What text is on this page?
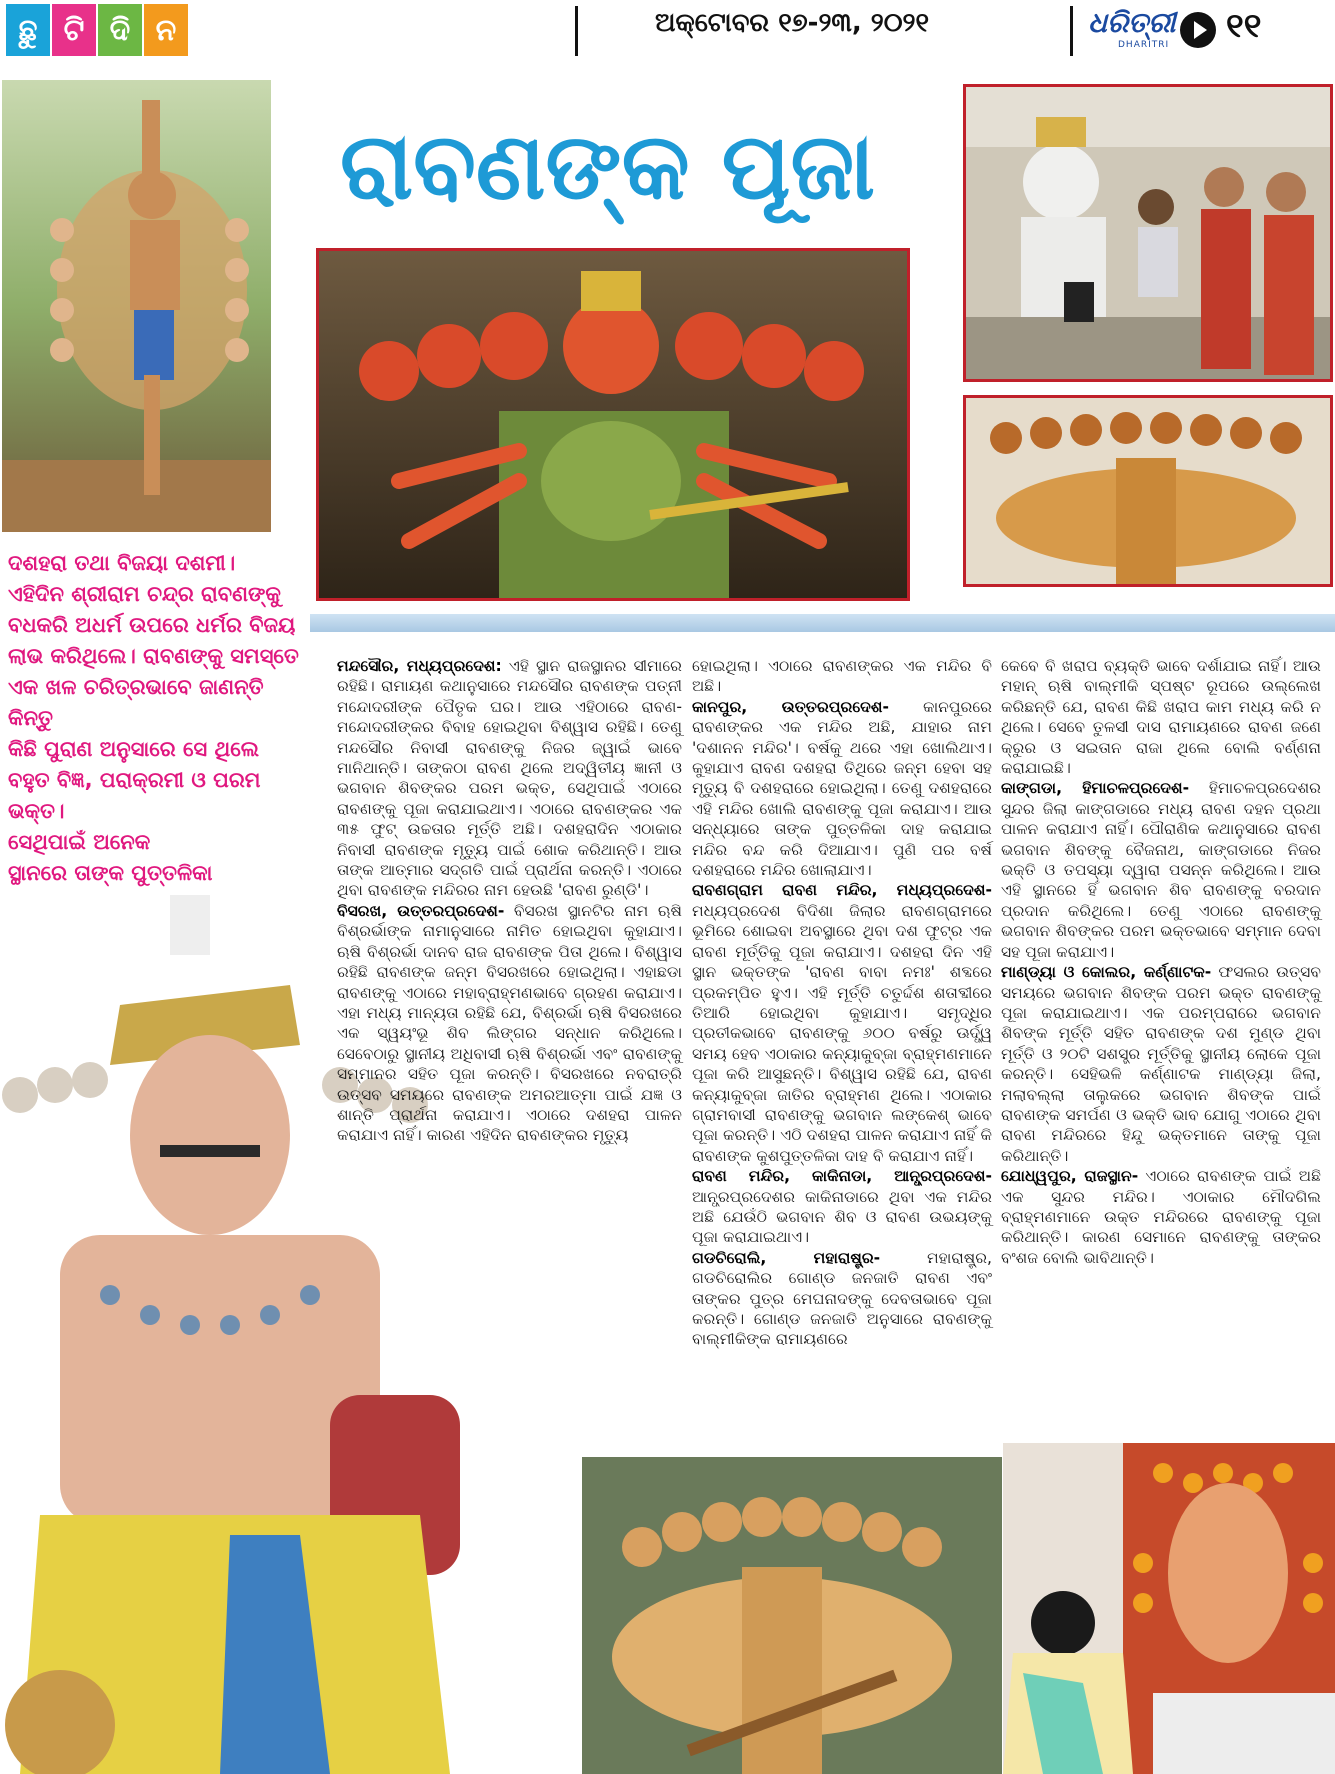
ଛୁ ଟି ଦି ନ	ଅକ୍ଟୋବର ୧୭-୨୩, ୨୦୨୧	ଧରିତ୍ରୀ
DHARITRI ୧୧
ରାବଣଙ୍କ ପୂଜା

ଦଶହରା ତଥା ବିଜୟା ଦଶମୀ।
ଏହିଦିନ ଶ୍ରୀରାମ ଚନ୍ଦ୍ର ରାବଣଙ୍କୁ
ବଧକରି ଅଧର୍ମ ଉପରେ ଧର୍ମର ବିଜୟ
ଲାଭ କରିଥିଲେ। ରାବଣଙ୍କୁ ସମସ୍ତେ
ଏକ ଖଳ ଚରିତ୍ରଭାବେ ଜାଣନ୍ତି କିନ୍ତୁ
କିଛି ପୁରାଣ ଅନୁସାରେ ସେ ଥିଲେ
ବହୁତ ବିଜ୍ଞ, ପରାକ୍ରମୀ ଓ ପରମ ଭକ୍ତ।
ସେଥିପାଇଁ ଅନେକ
ସ୍ଥାନରେ ତାଙ୍କ ପୁତ୍ତଳିକା

ମନ୍ଦସୌର, ମଧ୍ୟପ୍ରଦେଶ: ଏହି ସ୍ଥାନ ରାଜସ୍ଥାନର ସୀମାରେ ରହିଛି। ରାମାୟଣ କଥାନୁସାରେ ମନ୍ଦସୌର ରାବଣଙ୍କ ପତ୍ନୀ ମନ୍ଦୋଦରୀଙ୍କ ପୈତୃକ ଘର। ଆଉ ଏହିଠାରେ ରାବଣ-ମନ୍ଦୋଦରୀଙ୍କର ବିବାହ ହୋଇଥିବା ବିଶ୍ୱାସ ରହିଛି। ତେଣୁ ମନ୍ଦସୌର ନିବାସୀ ରାବଣଙ୍କୁ ନିଜର ଜ୍ୱାଇଁ ଭାବେ ମାନିଥାନ୍ତି। ତାଙ୍କଠା ରାବଣ ଥିଲେ ଅଦ୍ୱିତୀୟ ଜ୍ଞାନୀ ଓ ଭଗବାନ ଶିବଙ୍କର ପରମ ଭକ୍ତ, ସେଥିପାଇଁ ଏଠାରେ ରାବଣଙ୍କୁ ପୂଜା କରାଯାଇଥାଏ। ଏଠାରେ ରାବଣଙ୍କର ଏକ ୩୫ ଫୁଟ୍ ଉଚ୍ଚତାର ମୂର୍ତ୍ତି ଅଛି। ଦଶହରାଦିନ ଏଠାକାର ନିବାସୀ ରାବଣଙ୍କ ମୃତ୍ୟୁ ପାଇଁ ଶୋକ କରିଥାନ୍ତି। ଆଉ ତାଙ୍କ ଆତ୍ମାର ସଦ୍‌ଗତି ପାଇଁ ପ୍ରାର୍ଥନା କରନ୍ତି। ଏଠାରେ ଥିବା ରାବଣଙ୍କ ମନ୍ଦିରର ନାମ ହେଉଛି 'ରାବଣ ରୁଣ୍ଡି'।

ବିସରଖ, ଉତ୍ତରପ୍ରଦେଶ- ବିସରଖ ସ୍ଥାନଟିର ନାମ ଋଷି ବିଶ୍ରର୍ଭାଙ୍କ ନାମାନୁସାରେ ନାମିତ ହୋଇଥିବା କୁହାଯାଏ। ଋଷି ବିଶ୍ରର୍ଭା ଦାନବ ରାଜ ରାବଣଙ୍କ ପିତା ଥିଲେ। ବିଶ୍ୱାସ ରହିଛି ରାବଣଙ୍କ ଜନ୍ମ ବିସରଖରେ ହୋଇଥିଲା। ଏହାଛଡା ରାବଣଙ୍କୁ ଏଠାରେ ମହାବ୍ରାହ୍ମଣଭାବେ ଗ୍ରହଣ କରାଯାଏ। ଏହା ମଧ୍ୟ ମାନ୍ୟତା ରହିଛି ଯେ, ବିଶ୍ରର୍ଭା ଋଷି ବିସରଖରେ ଏକ ସ୍ୱୟଂଭୂ ଶିବ ଲିଙ୍ଗର ସନ୍ଧାନ କରିଥିଲେ। ସେବେଠାରୁ ସ୍ଥାନୀୟ ଅଧିବାସୀ ଋଷି ବିଶ୍ରର୍ଭା ଏବଂ ରାବଣଙ୍କୁ ସମ୍ମାନର ସହିତ ପୂଜା କରନ୍ତି। ବିସରଖରେ ନବରାତ୍ରି ଉତ୍ସବ ସମୟରେ ରାବଣଙ୍କ ଅମରଆତ୍ମା ପାଇଁ ଯଜ୍ଞ ଓ ଶାନ୍ତି ପ୍ରାର୍ଥନା କରାଯାଏ। ଏଠାରେ ଦଶହରା ପାଳନ କରାଯାଏ ନାହିଁ। କାରଣ ଏହିଦିନ ରାବଣଙ୍କର ମୃତ୍ୟୁ

ହୋଇଥିଲା। ଏଠାରେ ରାବଣଙ୍କର ଏକ ମନ୍ଦିର ବି ଅଛି।

କାନପୁର, ଉତ୍ତରପ୍ରଦେଶ- କାନପୁରରେ ରାବଣଙ୍କର ଏକ ମନ୍ଦିର ଅଛି, ଯାହାର ନାମ 'ଦଶାନନ ମନ୍ଦିର'। ବର୍ଷକୁ ଥରେ ଏହା ଖୋଲିଥାଏ। କୁହାଯାଏ ରାବଣ ଦଶହରା ତିଥିରେ ଜନ୍ମ ହେବା ସହ ମୃତ୍ୟୁ ବି ଦଶହରାରେ ହୋଇଥିଲା। ତେଣୁ ଦଶହରାରେ ଏହି ମନ୍ଦିର ଖୋଲି ରାବଣଙ୍କୁ ପୂଜା କରାଯାଏ। ଆଉ ସନ୍ଧ୍ୟାରେ ତାଙ୍କ ପୁତ୍ତଳିକା ଦାହ କରାଯାଇ ମନ୍ଦିର ବନ୍ଦ କରି ଦିଆଯାଏ। ପୁଣି ପର ବର୍ଷ ଦଶହରାରେ ମନ୍ଦିର ଖୋଲାଯାଏ।

ରାବଣଗ୍ରାମ ରାବଣ ମନ୍ଦିର, ମଧ୍ୟପ୍ରଦେଶ- ମଧ୍ୟପ୍ରଦେଶ ବିଦିଶା ଜିଲାର ରାବଣଗ୍ରାମରେ ଭୂମିରେ ଶୋଇବା ଅବସ୍ଥାରେ ଥିବା ଦଶ ଫୁଟ୍‌ର ଏକ ରାବଣ ମୂର୍ତ୍ତିକୁ ପୂଜା କରାଯାଏ। ଦଶହରା ଦିନ ଏହି ସ୍ଥାନ ଭକ୍ତଙ୍କ 'ରାବଣ ବାବା ନମଃ' ଶବ୍ଦରେ ପ୍ରକମ୍ପିତ ହୁଏ। ଏହି ମୂର୍ତ୍ତି ଚତୁର୍ଦ୍ଦଶ ଶତାବ୍ଦୀରେ ତିଆରି ହୋଇଥିବା କୁହାଯାଏ। ସମୃଦ୍ଧିର ପ୍ରତୀକଭାବେ ରାବଣଙ୍କୁ ୬୦୦ ବର୍ଷରୁ ଊର୍ଦ୍ଧ୍ୱ ସମୟ ହେବ ଏଠାକାର କନ୍ୟାକୁବ୍ଜା ବ୍ରାହ୍ମଣମାନେ ପୂଜା କରି ଆସୁଛନ୍ତି। ବିଶ୍ୱାସ ରହିଛି ଯେ, ରାବଣ କନ୍ୟାକୁବ୍ଜା ଜାତିର ବ୍ରାହ୍ମଣ ଥିଲେ। ଏଠାକାର ଗ୍ରାମବାସୀ ରାବଣଙ୍କୁ ଭଗବାନ ଲଙ୍କେଶ୍ ଭାବେ ପୂଜା କରନ୍ତି। ଏଠି ଦଶହରା ପାଳନ କରାଯାଏ ନାହିଁ କି ରାବଣଙ୍କ କୁଶପୁତ୍ତଳିକା ଦାହ ବି କରାଯାଏ ନାହିଁ।

ରାବଣ ମନ୍ଦିର, କାକିନାଡା, ଆନ୍ଧ୍ରପ୍ରଦେଶ- ଆନ୍ଧ୍ରପ୍ରଦେଶର କାକିନାଡାରେ ଥିବା ଏକ ମନ୍ଦିର ଅଛି ଯେଉଁଠି ଭଗବାନ ଶିବ ଓ ରାବଣ ଉଭୟଙ୍କୁ ପୂଜା କରାଯାଇଥାଏ।

ଗଡଚିରୋଲି, ମହାରାଷ୍ଟ୍ର- ମହାରାଷ୍ଟ୍ର, ଗଡଚିରୋଲିର ଗୋଣ୍ଡ ଜନଜାତି ରାବଣ ଏବଂ ତାଙ୍କର ପୁତ୍ର ମେଘନାଦଙ୍କୁ ଦେବତାଭାବେ ପୂଜା କରନ୍ତି। ଗୋଣ୍ଡ ଜନଜାତି ଅନୁସାରେ ରାବଣଙ୍କୁ ବାଲ୍ମୀକିଙ୍କ ରାମାୟଣରେ

କେବେ ବି ଖରାପ ବ୍ୟକ୍ତି ଭାବେ ଦର୍ଶାଯାଇ ନାହିଁ। ଆଉ ମହାନ୍ ଋଷି ବାଲ୍ମୀକି ସ୍ପଷ୍ଟ ରୂପରେ ଉଲ୍ଲେଖ କରିଛନ୍ତି ଯେ, ରାବଣ କିଛି ଖରାପ କାମ ମଧ୍ୟ କରି ନ ଥିଲେ। ସେବେ ତୁଳସୀ ଦାସ ରାମାୟଣରେ ରାବଣ ଜଣେ କ୍ରୁର ଓ ସଇତାନ ରାଜା ଥିଲେ ବୋଲି ବର୍ଣ୍ଣନା କରାଯାଇଛି।

କାଙ୍ଗଡା, ହିମାଚଳପ୍ରଦେଶ- ହିମାଚଳପ୍ରଦେଶର ସୁନ୍ଦର ଜିଲା କାଙ୍ଗଡାରେ ମଧ୍ୟ ରାବଣ ଦହନ ପ୍ରଥା ପାଳନ କରାଯାଏ ନାହିଁ। ପୌରାଣିକ କଥାନୁସାରେ ରାବଣ ଭଗବାନ ଶିବଙ୍କୁ ବୈଜନାଥ, କାଙ୍ଗଡାରେ ନିଜର ଭକ୍ତି ଓ ତପସ୍ୟା ଦ୍ୱାରା ପସନ୍ନ କରିଥିଲେ। ଆଉ ଏହି ସ୍ଥାନରେ ହିଁ ଭଗବାନ ଶିବ ରାବଣଙ୍କୁ ବରଦାନ ପ୍ରଦାନ କରିଥିଲେ। ତେଣୁ ଏଠାରେ ରାବଣଙ୍କୁ ଭଗବାନ ଶିବଙ୍କର ପରମ ଭକ୍ତଭାବେ ସମ୍ମାନ ଦେବା ସହ ପୂଜା କରାଯାଏ।

ମାଣ୍ଡ୍ୟା ଓ କୋଲର, କର୍ଣ୍ଣାଟକ- ଫସଲର ଉତ୍ସବ ସମୟରେ ଭଗବାନ ଶିବଙ୍କ ପରମ ଭକ୍ତ ରାବଣଙ୍କୁ ପୂଜା କରାଯାଇଥାଏ। ଏକ ପରମ୍ପରାରେ ଭଗବାନ ଶିବଙ୍କ ମୂର୍ତ୍ତି ସହିତ ରାବଣଙ୍କ ଦଶ ମୁଣ୍ଡ ଥିବା ମୂର୍ତ୍ତି ଓ ୨୦ଟି ସଶସ୍ତ୍ର ମୂର୍ତ୍ତିକୁ ସ୍ଥାନୀୟ ଲୋକେ ପୂଜା କରନ୍ତି। ସେହିଭଳି କର୍ଣ୍ଣାଟକ ମାଣ୍ଡ୍ୟା ଜିଲା, ମଲାବଲ୍ଲା ତାଲୁକରେ ଭଗବାନ ଶିବଙ୍କ ପାଇଁ ରାବଣଙ୍କ ସମର୍ପଣ ଓ ଭକ୍ତି ଭାବ ଯୋଗୁ ଏଠାରେ ଥିବା ରାବଣ ମନ୍ଦିରରେ ହିନ୍ଦୁ ଭକ୍ତମାନେ ତାଙ୍କୁ ପୂଜା କରିଥାନ୍ତି।

ଯୋଧ୍ୱପୁର, ରାଜସ୍ଥାନ- ଏଠାରେ ରାବଣଙ୍କ ପାଇଁ ଅଛି ଏକ ସୁନ୍ଦର ମନ୍ଦିର। ଏଠାକାର ମୌଦଗିଲ ବ୍ରାହ୍ମଣମାନେ ଉକ୍ତ ମନ୍ଦିରରେ ରାବଣଙ୍କୁ ପୂଜା କରିଥାନ୍ତି। କାରଣ ସେମାନେ ରାବଣଙ୍କୁ ତାଙ୍କର ବଂଶଜ ବୋଲି ଭାବିଥାନ୍ତି।
